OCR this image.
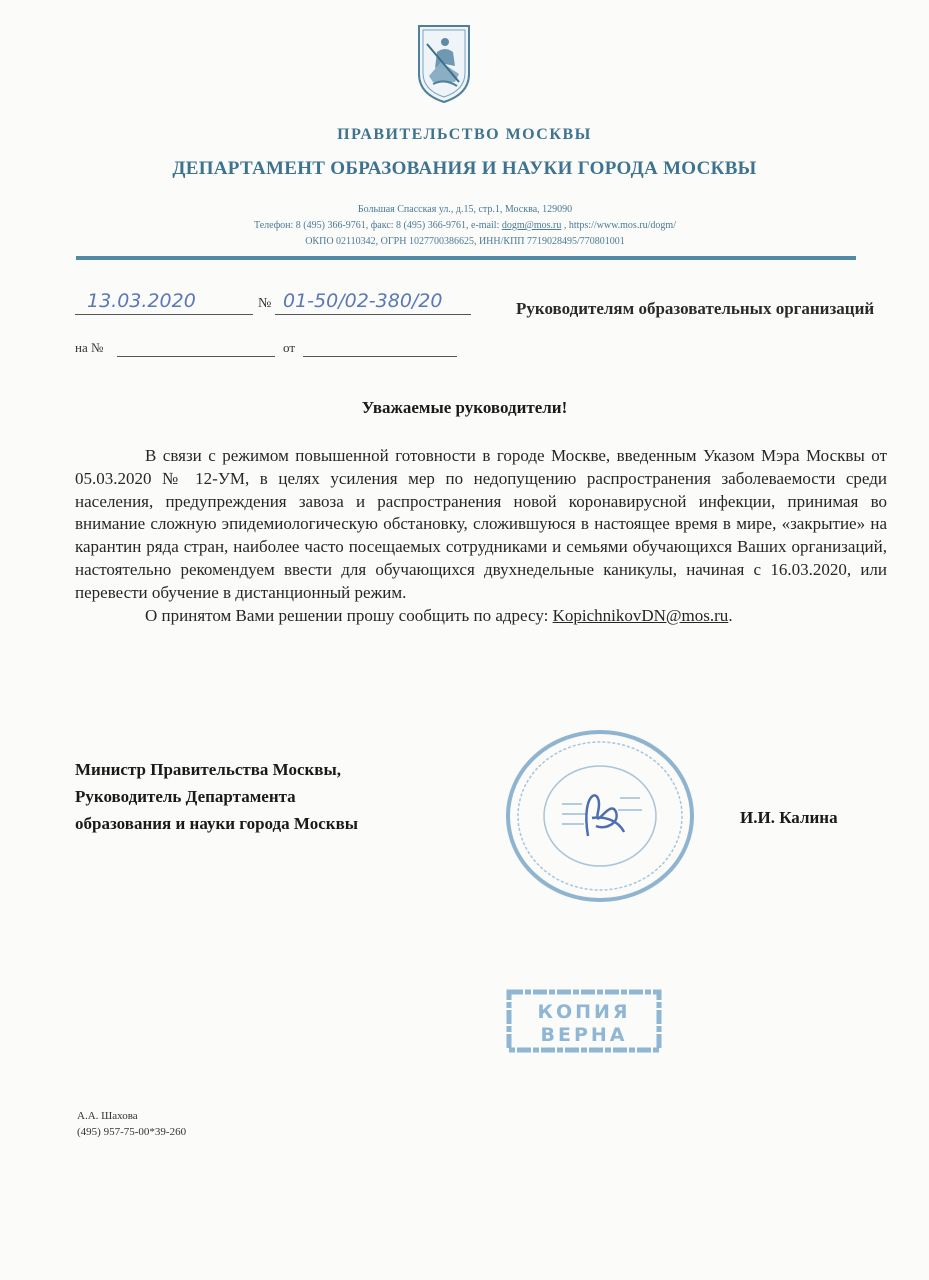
ПРАВИТЕЛЬСТВО МОСКВЫ
ДЕПАРТАМЕНТ ОБРАЗОВАНИЯ И НАУКИ ГОРОДА МОСКВЫ
Большая Спасская ул., д.15, стр.1, Москва, 129090
Телефон: 8 (495) 366-9761, факс: 8 (495) 366-9761, e-mail: dogm@mos.ru , https://www.mos.ru/dogm/
ОКПО 02110342, ОГРН 1027700386625, ИНН/КПП 7719028495/770801001
13.03.2020	№ 01-50/02-380/20
на №	от
Руководителям образовательных организаций
Уважаемые руководители!

В связи с режимом повышенной готовности в городе Москве, введенным Указом Мэра Москвы от 05.03.2020 № 12-УМ, в целях усиления мер по недопущению распространения заболеваемости среди населения, предупреждения завоза и распространения новой коронавирусной инфекции, принимая во внимание сложную эпидемиологическую обстановку, сложившуюся в настоящее время в мире, «закрытие» на карантин ряда стран, наиболее часто посещаемых сотрудниками и семьями обучающихся Ваших организаций, настоятельно рекомендуем ввести для обучающихся двухнедельные каникулы, начиная с 16.03.2020, или перевести обучение в дистанционный режим.

О принятом Вами решении прошу сообщить по адресу: KopichnikovDN@mos.ru.

Министр Правительства Москвы,
Руководитель Департамента
образования и науки города Москвы	И.И. Калина
КОПИЯ
ВЕРНА
А.А. Шахова
(495) 957-75-00*39-260
